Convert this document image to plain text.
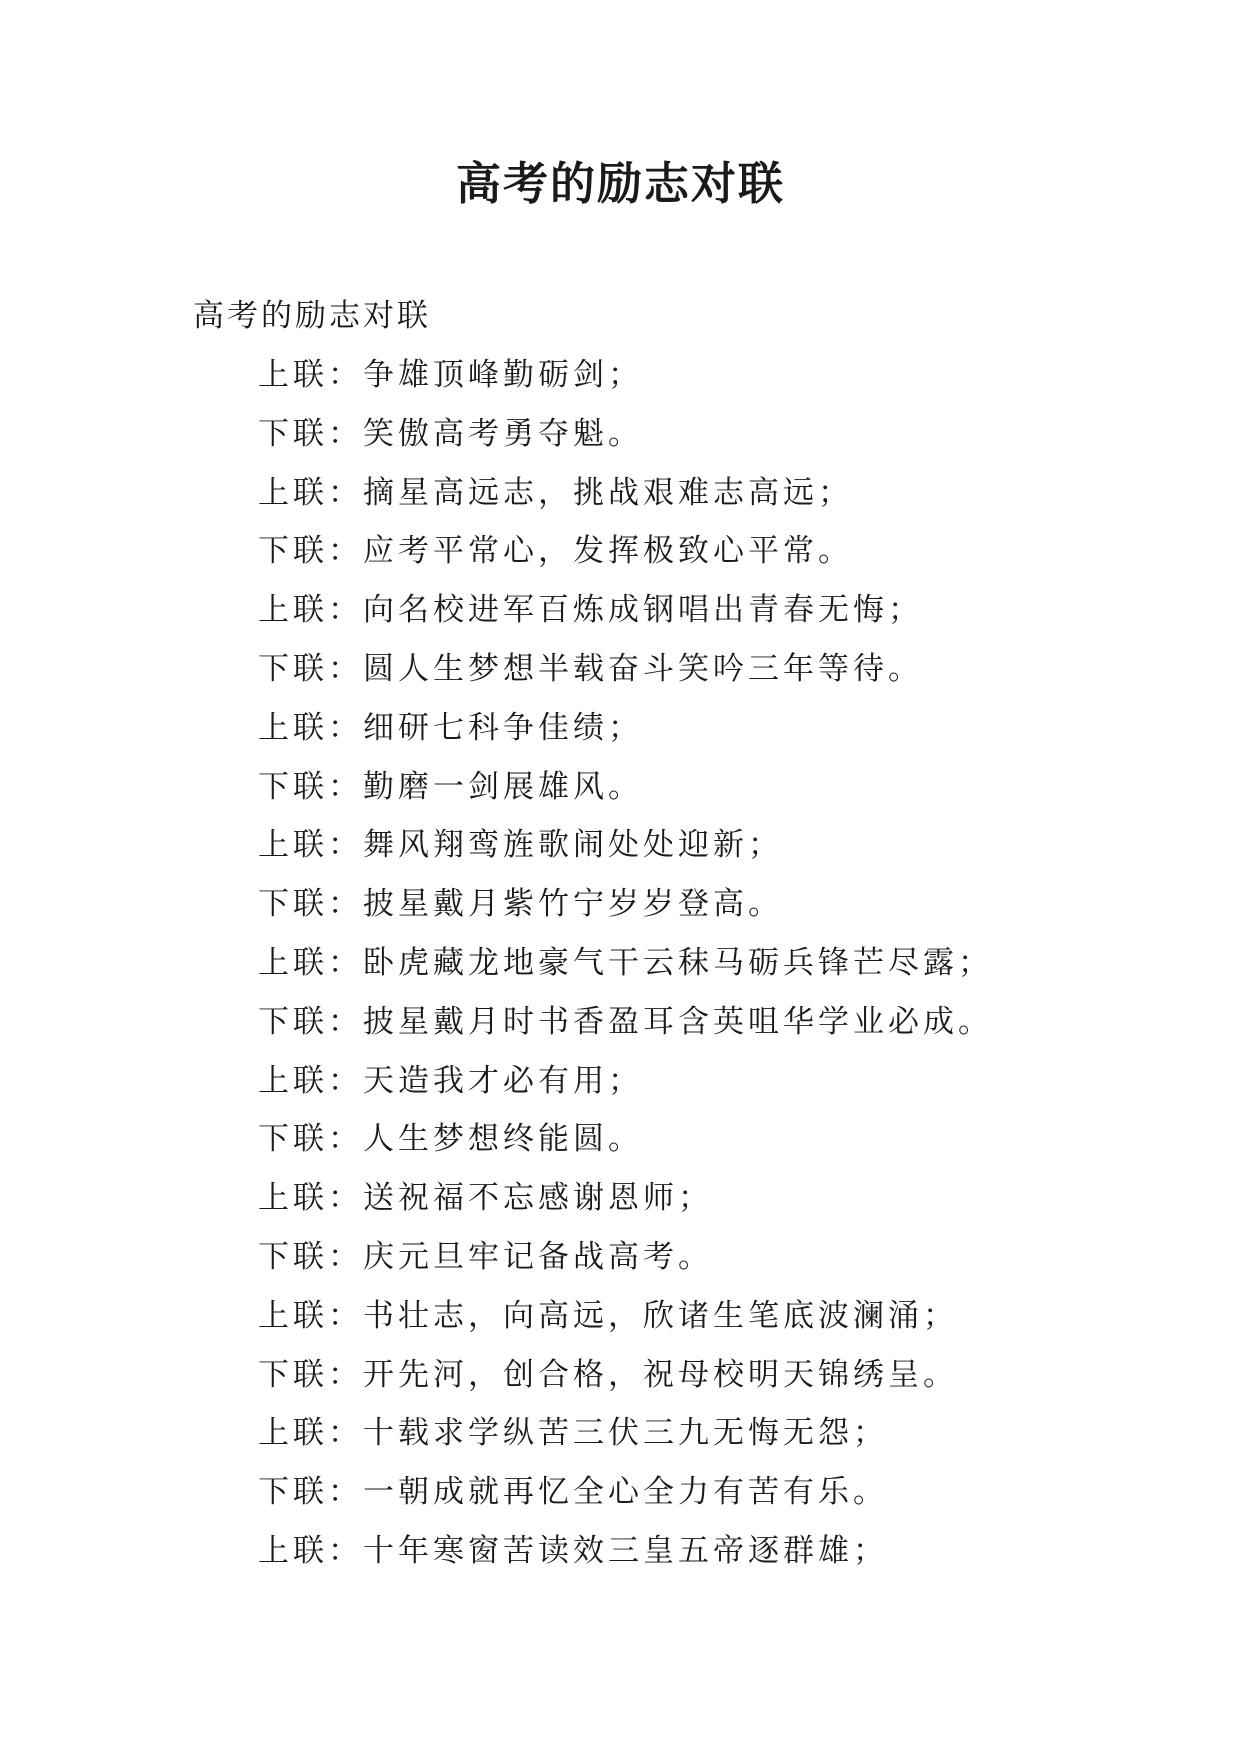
高考的励志对联

高考的励志对联

上联：争雄顶峰勤砺剑；
下联：笑傲高考勇夺魁。
上联：摘星高远志，挑战艰难志高远；
下联：应考平常心，发挥极致心平常。
上联：向名校进军百炼成钢唱出青春无悔；
下联：圆人生梦想半载奋斗笑吟三年等待。
上联：细研七科争佳绩；
下联：勤磨一剑展雄风。
上联：舞风翔鸾旌歌闹处处迎新；
下联：披星戴月紫竹宁岁岁登高。
上联：卧虎藏龙地豪气干云秣马砺兵锋芒尽露；
下联：披星戴月时书香盈耳含英咀华学业必成。
上联：天造我才必有用；
下联：人生梦想终能圆。
上联：送祝福不忘感谢恩师；
下联：庆元旦牢记备战高考。
上联：书壮志，向高远，欣诸生笔底波澜涌；
下联：开先河，创合格，祝母校明天锦绣呈。
上联：十载求学纵苦三伏三九无悔无怨；
下联：一朝成就再忆全心全力有苦有乐。
上联：十年寒窗苦读效三皇五帝逐群雄；
